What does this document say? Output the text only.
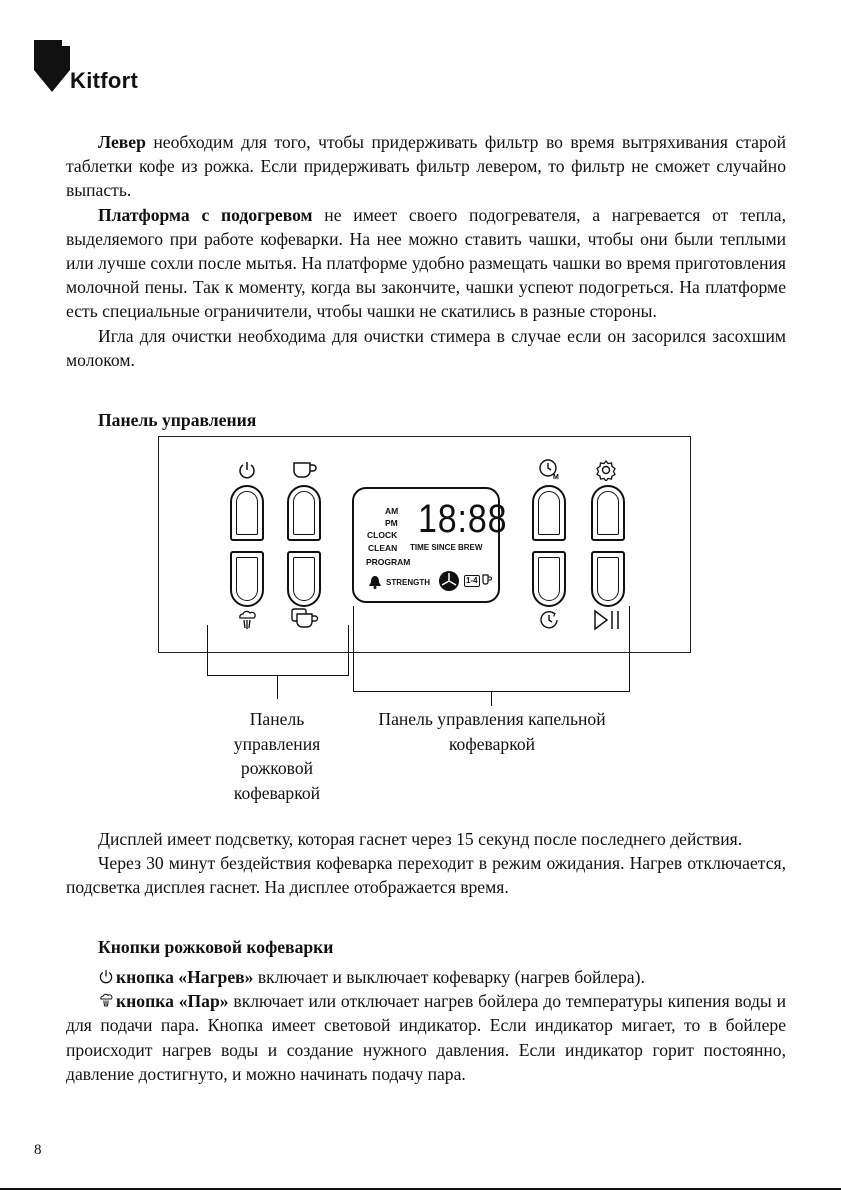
Kitfort

Левер необходим для того, чтобы придерживать фильтр во время вытряхивания старой таблетки кофе из рожка. Если придерживать фильтр левером, то фильтр не сможет случайно выпасть.

Платформа с подогревом не имеет своего подогревателя, а нагревается от тепла, выделяемого при работе кофеварки. На нее можно ставить чашки, чтобы они были теплыми или лучше сохли после мытья. На платформе удобно размещать чашки во время приготовления молочной пены. Так к моменту, когда вы закончите, чашки успеют подогреться. На платформе есть специальные ограничители, чтобы чашки не скатились в разные стороны.

Игла для очистки необходима для очистки стимера в случае если он засорился засохшим молоком.

Панель управления
M
AM
PM
CLOCK
CLEAN
PROGRAM
18:88
TIME SINCE BREW
STRENGTH	1-4
Панель
управления
рожковой
кофеваркой
Панель управления капельной
кофеваркой

Дисплей имеет подсветку, которая гаснет через 15 секунд после последнего действия.

Через 30 минут бездействия кофеварка переходит в режим ожидания. Нагрев отключается, подсветка дисплея гаснет. На дисплее отображается время.

Кнопки рожковой кофеварки

кнопка «Нагрев» включает и выключает кофеварку (нагрев бойлера).

кнопка «Пар» включает или отключает нагрев бойлера до температуры кипения воды и для подачи пара. Кнопка имеет световой индикатор. Если индикатор мигает, то в бойлере происходит нагрев воды и создание нужного давления. Если индикатор горит постоянно, давление достигнуто, и можно начинать подачу пара.

8
